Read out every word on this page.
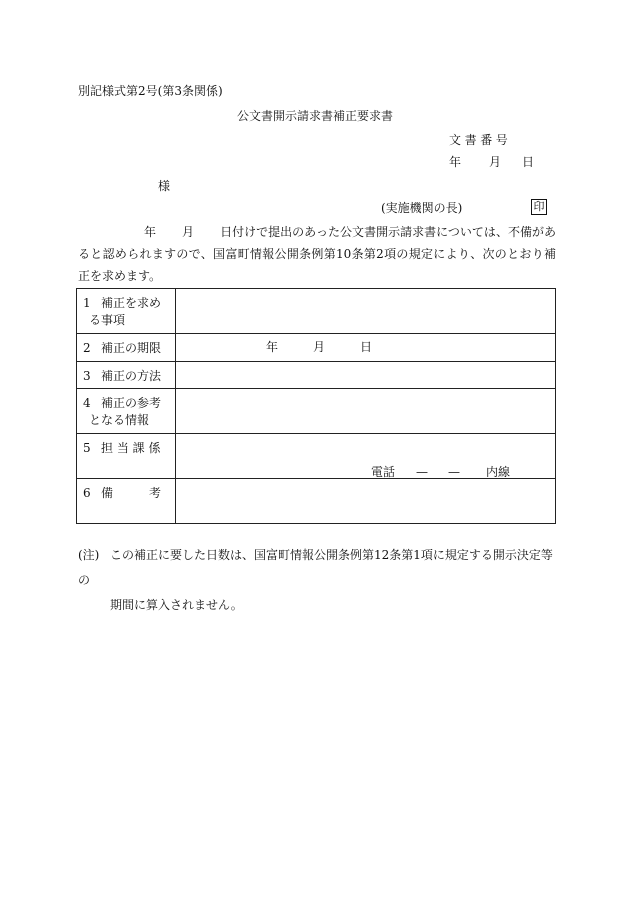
別記様式第2号(第3条関係)
公文書開示請求書補正要求書
文書番号
年 月 日
様
(実施機関の長)	印
年 月 日付けで提出のあった公文書開示請求書については、不備があると認められますので、国富町情報公開条例第10条第2項の規定により、次のとおり補正を求めます。
1 補正を求め
る事項	
2 補正の期限	年 月 日

3 補正の方法	
4 補正の参考
となる情報	
5 担 当 課 係	電話 — — 内線

6 備　　　考	
(注) この補正に要した日数は、国富町情報公開条例第12条第1項に規定する開示決定等の
期間に算入されません。
